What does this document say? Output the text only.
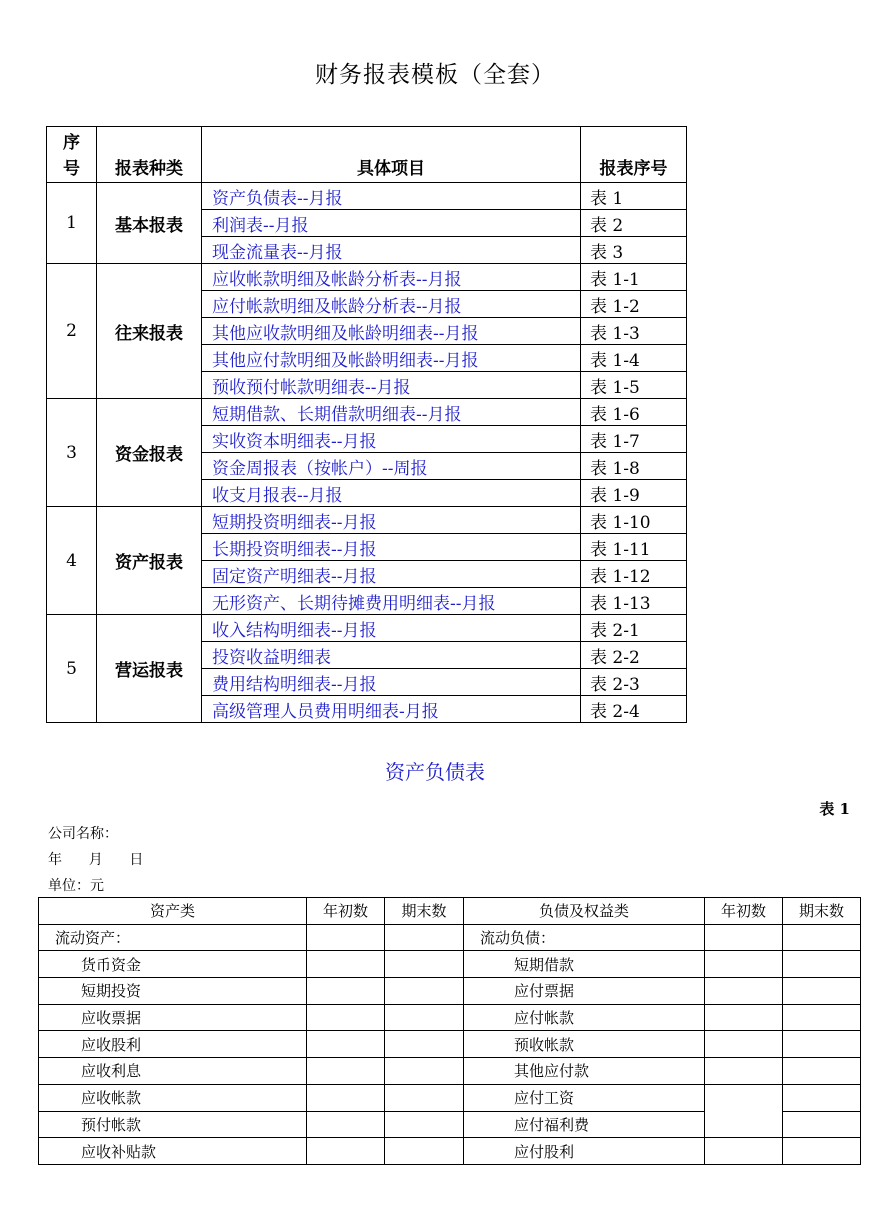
财务报表模板（全套）
序
号	报表种类	具体项目	报表序号
1	基本报表	资产负债表--月报	表 1
		利润表--月报	表 2
		现金流量表--月报	表 3
2	往来报表	应收帐款明细及帐龄分析表--月报	表 1-1
		应付帐款明细及帐龄分析表--月报	表 1-2
		其他应收款明细及帐龄明细表--月报	表 1-3
		其他应付款明细及帐龄明细表--月报	表 1-4
		预收预付帐款明细表--月报	表 1-5
3	资金报表	短期借款、长期借款明细表--月报	表 1-6
		实收资本明细表--月报	表 1-7
		资金周报表（按帐户）--周报	表 1-8
		收支月报表--月报	表 1-9
4	资产报表	短期投资明细表--月报	表 1-10
		长期投资明细表--月报	表 1-11
		固定资产明细表--月报	表 1-12
		无形资产、长期待摊费用明细表--月报	表 1-13
5	营运报表	收入结构明细表--月报	表 2-1
		投资收益明细表	表 2-2
		费用结构明细表--月报	表 2-3
		高级管理人员费用明细表-月报	表 2-4
资产负债表
表 1
公司名称：
年      月      日
单位：元
资产类	年初数	期末数	负债及权益类	年初数	期末数
流动资产：			流动负债：		
货币资金			短期借款		
短期投资			应付票据		
应收票据			应付帐款		
应收股利			预收帐款		
应收利息			其他应付款		
应收帐款			应付工资		
预付帐款			应付福利费		
应收补贴款			应付股利		
